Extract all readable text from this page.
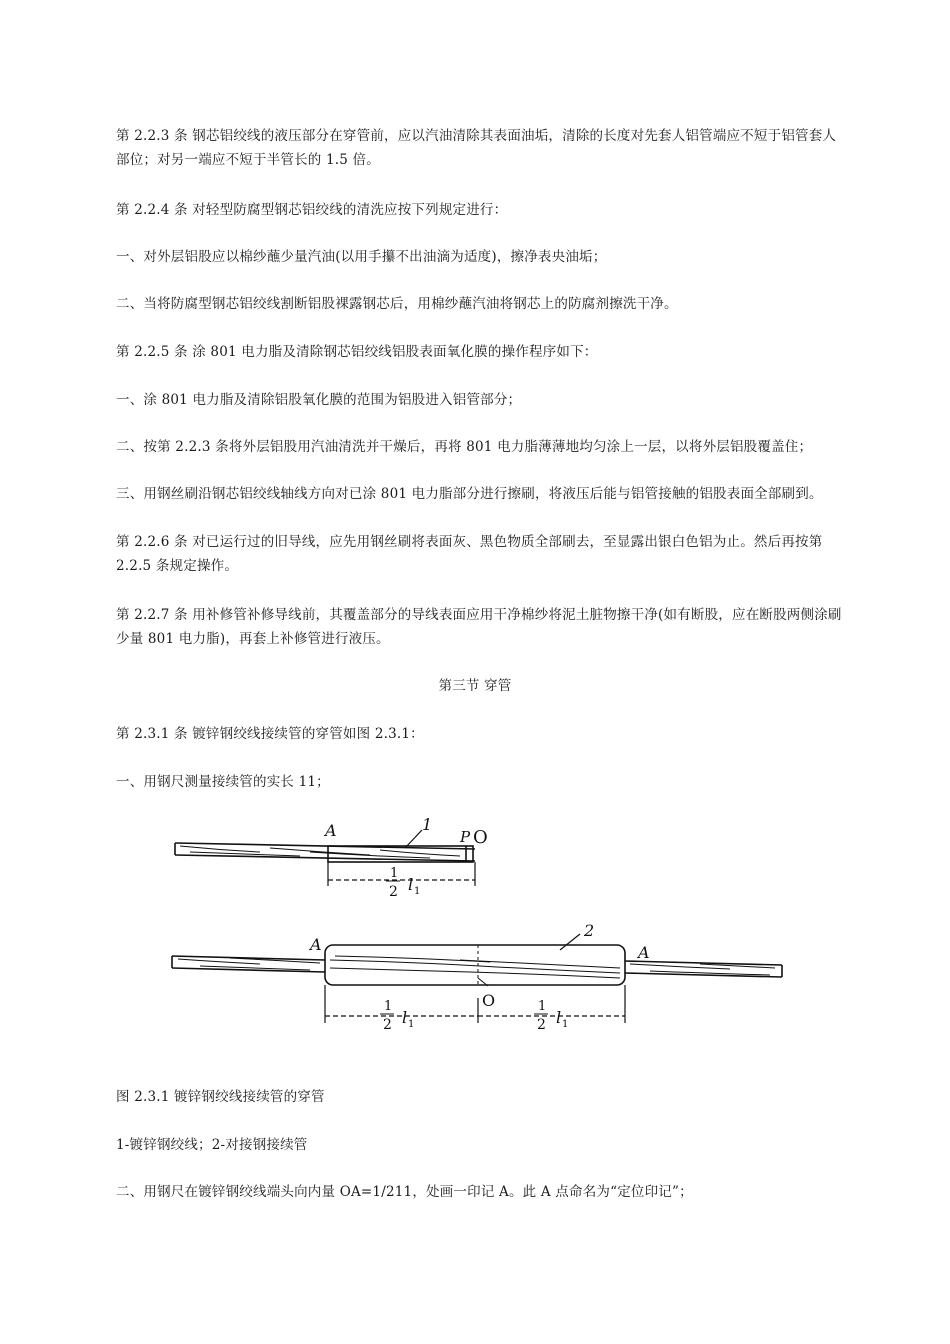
第 2.2.3 条 钢芯铝绞线的液压部分在穿管前，应以汽油清除其表面油垢，清除的长度对先套人铝管端应不短于铝管套人部位；对另一端应不短于半管长的 1.5 倍。

第 2.2.4 条 对轻型防腐型钢芯铝绞线的清洗应按下列规定进行：

一、对外层铝股应以棉纱蘸少量汽油(以用手攥不出油滴为适度)，擦净表央油垢；

二、当将防腐型钢芯铝绞线割断铝股裸露钢芯后，用棉纱蘸汽油将钢芯上的防腐剂擦洗干净。

第 2.2.5 条 涂 801 电力脂及清除钢芯铝绞线铝股表面氧化膜的操作程序如下：

一、涂 801 电力脂及清除铝股氧化膜的范围为铝股进入铝管部分；

二、按第 2.2.3 条将外层铝股用汽油清洗并干燥后，再将 801 电力脂薄薄地均匀涂上一层，以将外层铝股覆盖住；

三、用钢丝刷沿钢芯铝绞线轴线方向对已涂 801 电力脂部分进行擦刷，将液压后能与铝管接触的铝股表面全部刷到。

第 2.2.6 条 对已运行过的旧导线，应先用钢丝刷将表面灰、黑色物质全部刷去，至显露出银白色铝为止。然后再按第 2.2.5 条规定操作。

第 2.2.7 条 用补修管补修导线前，其覆盖部分的导线表面应用干净棉纱将泥土脏物擦干净(如有断股，应在断股两侧涂刷少量 801 电力脂)，再套上补修管进行液压。

第三节 穿管

第 2.3.1 条 镀锌钢绞线接续管的穿管如图 2.3.1：

一、用钢尺测量接续管的实长 11；

A	1
P O
1
2 l 1
A
2
A
O
1
2 l 1
1
2 l 1

图 2.3.1 镀锌钢绞线接续管的穿管

1-镀锌钢绞线；2-对接钢接续管

二、用钢尺在镀锌钢绞线端头向内量 OA=1/211，处画一印记 A。此 A 点命名为“定位印记”；
